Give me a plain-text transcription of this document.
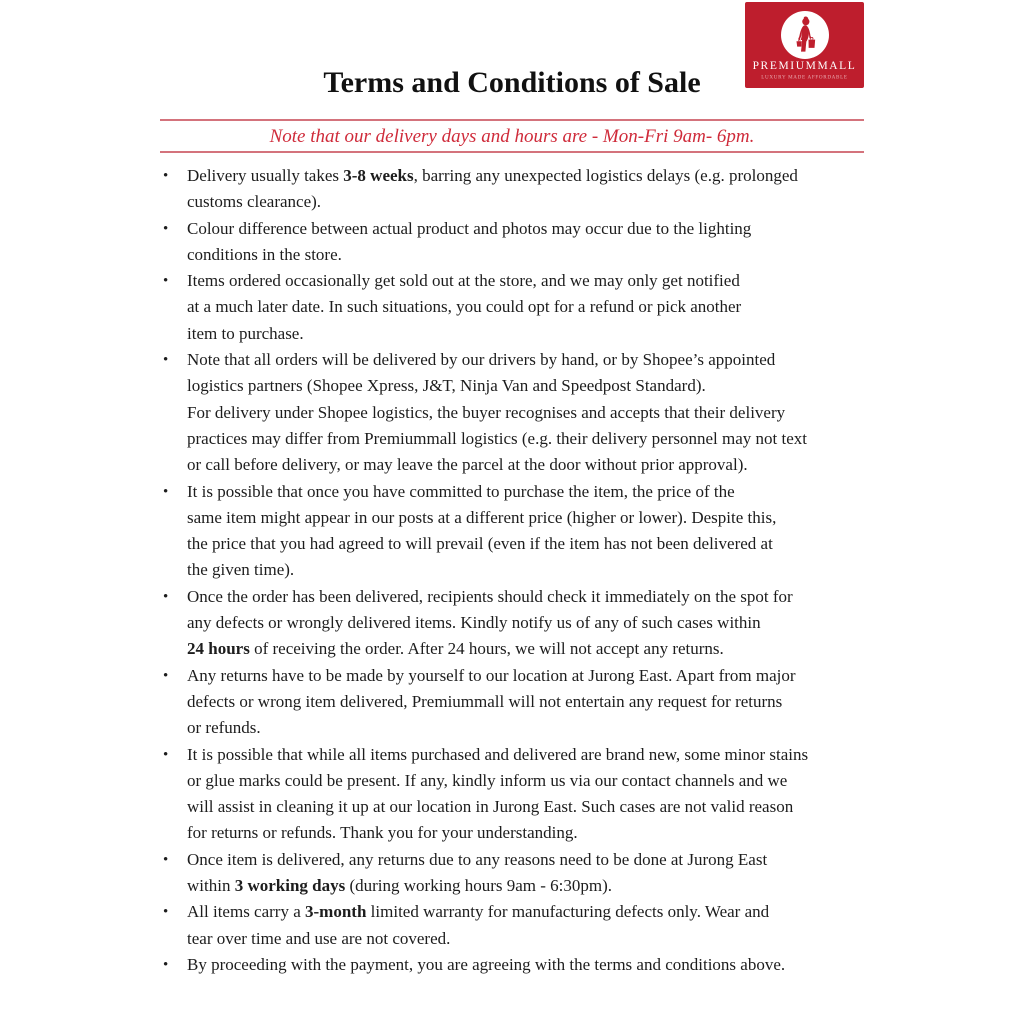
PREMIUMMALL
LUXURY MADE AFFORDABLE
Terms and Conditions of Sale
Note that our delivery days and hours are - Mon-Fri 9am- 6pm.
•	Delivery usually takes 3-8 weeks, barring any unexpected logistics delays (e.g. prolonged
customs clearance).
•	Colour difference between actual product and photos may occur due to the lighting
conditions in the store.
•	Items ordered occasionally get sold out at the store, and we may only get notified
at a much later date. In such situations, you could opt for a refund or pick another
item to purchase.
•	Note that all orders will be delivered by our drivers by hand, or by Shopee’s appointed
logistics partners (Shopee Xpress, J&T, Ninja Van and Speedpost Standard).
For delivery under Shopee logistics, the buyer recognises and accepts that their delivery
practices may differ from Premiummall logistics (e.g. their delivery personnel may not text
or call before delivery, or may leave the parcel at the door without prior approval).
•	It is possible that once you have committed to purchase the item, the price of the
same item might appear in our posts at a different price (higher or lower). Despite this,
the price that you had agreed to will prevail (even if the item has not been delivered at
the given time).
•	Once the order has been delivered, recipients should check it immediately on the spot for
any defects or wrongly delivered items. Kindly notify us of any of such cases within
24 hours of receiving the order. After 24 hours, we will not accept any returns.
•	Any returns have to be made by yourself to our location at Jurong East. Apart from major
defects or wrong item delivered, Premiummall will not entertain any request for returns
or refunds.
•	It is possible that while all items purchased and delivered are brand new, some minor stains
or glue marks could be present. If any, kindly inform us via our contact channels and we
will assist in cleaning it up at our location in Jurong East. Such cases are not valid reason
for returns or refunds. Thank you for your understanding.
•	Once item is delivered, any returns due to any reasons need to be done at Jurong East
within 3 working days (during working hours 9am - 6:30pm).
•	All items carry a 3-month limited warranty for manufacturing defects only. Wear and
tear over time and use are not covered.
•	By proceeding with the payment, you are agreeing with the terms and conditions above.
